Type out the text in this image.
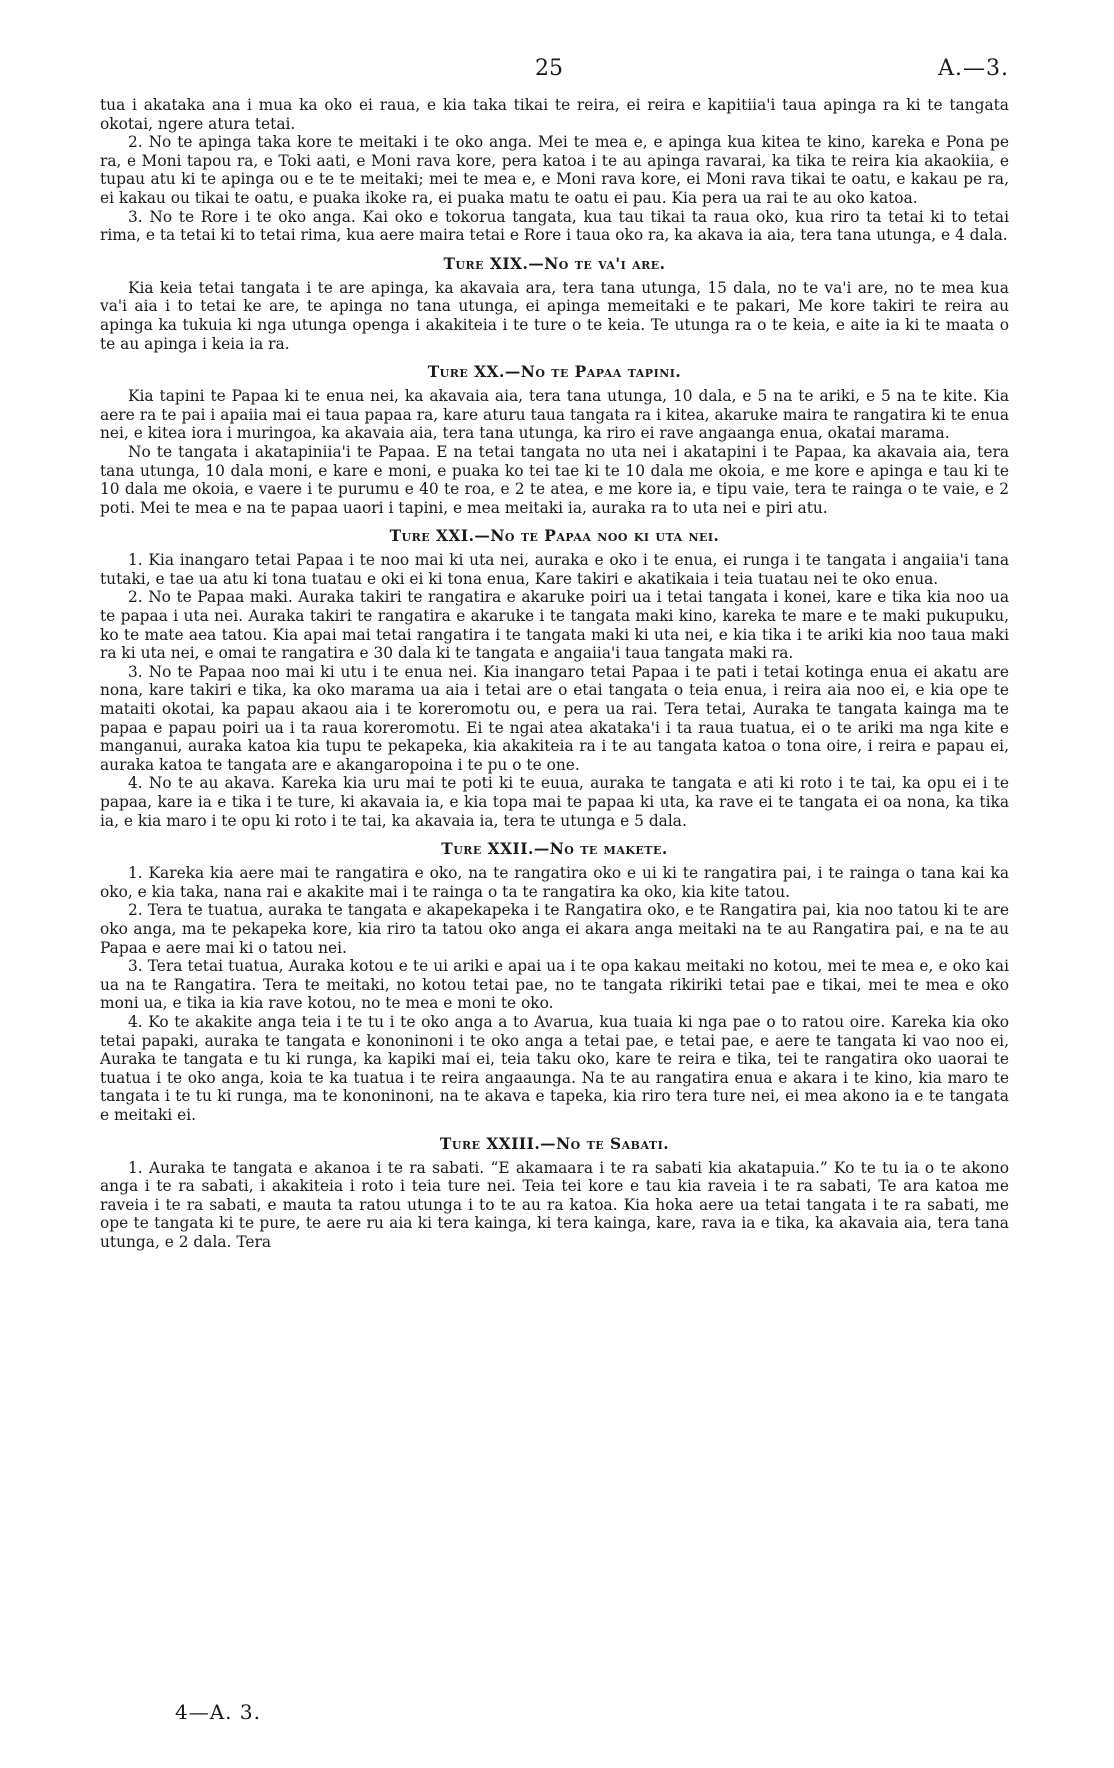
25	A.—3.

tua i akataka ana i mua ka oko ei raua, e kia taka tikai te reira, ei reira e kapitiia'i taua apinga ra ki te tangata okotai, ngere atura tetai.

2. No te apinga taka kore te meitaki i te oko anga. Mei te mea e, e apinga kua kitea te kino, kareka e Pona pe ra, e Moni tapou ra, e Toki aati, e Moni rava kore, pera katoa i te au apinga ravarai, ka tika te reira kia akaokiia, e tupau atu ki te apinga ou e te te meitaki; mei te mea e, e Moni rava kore, ei Moni rava tikai te oatu, e kakau pe ra, ei kakau ou tikai te oatu, e puaka ikoke ra, ei puaka matu te oatu ei pau. Kia pera ua rai te au oko katoa.

3. No te Rore i te oko anga. Kai oko e tokorua tangata, kua tau tikai ta raua oko, kua riro ta tetai ki to tetai rima, e ta tetai ki to tetai rima, kua aere maira tetai e Rore i taua oko ra, ka akava ia aia, tera tana utunga, e 4 dala.

Ture XIX.—No te va'i are.

Kia keia tetai tangata i te are apinga, ka akavaia ara, tera tana utunga, 15 dala, no te va'i are, no te mea kua va'i aia i to tetai ke are, te apinga no tana utunga, ei apinga memeitaki e te pakari, Me kore takiri te reira au apinga ka tukuia ki nga utunga openga i akakiteia i te ture o te keia. Te utunga ra o te keia, e aite ia ki te maata o te au apinga i keia ia ra.

Ture XX.—No te Papaa tapini.

Kia tapini te Papaa ki te enua nei, ka akavaia aia, tera tana utunga, 10 dala, e 5 na te ariki, e 5 na te kite. Kia aere ra te pai i apaiia mai ei taua papaa ra, kare aturu taua tangata ra i kitea, akaruke maira te rangatira ki te enua nei, e kitea iora i muringoa, ka akavaia aia, tera tana utunga, ka riro ei rave angaanga enua, okatai marama.

No te tangata i akatapiniia'i te Papaa. E na tetai tangata no uta nei i akatapini i te Papaa, ka akavaia aia, tera tana utunga, 10 dala moni, e kare e moni, e puaka ko tei tae ki te 10 dala me okoia, e me kore e apinga e tau ki te 10 dala me okoia, e vaere i te purumu e 40 te roa, e 2 te atea, e me kore ia, e tipu vaie, tera te rainga o te vaie, e 2 poti. Mei te mea e na te papaa uaori i tapini, e mea meitaki ia, auraka ra to uta nei e piri atu.

Ture XXI.—No te Papaa noo ki uta nei.

1. Kia inangaro tetai Papaa i te noo mai ki uta nei, auraka e oko i te enua, ei runga i te tangata i angaiia'i tana tutaki, e tae ua atu ki tona tuatau e oki ei ki tona enua, Kare takiri e akatikaia i teia tuatau nei te oko enua.

2. No te Papaa maki. Auraka takiri te rangatira e akaruke poiri ua i tetai tangata i konei, kare e tika kia noo ua te papaa i uta nei. Auraka takiri te rangatira e akaruke i te tangata maki kino, kareka te mare e te maki pukupuku, ko te mate aea tatou. Kia apai mai tetai rangatira i te tangata maki ki uta nei, e kia tika i te ariki kia noo taua maki ra ki uta nei, e omai te rangatira e 30 dala ki te tangata e angaiia'i taua tangata maki ra.

3. No te Papaa noo mai ki utu i te enua nei. Kia inangaro tetai Papaa i te pati i tetai kotinga enua ei akatu are nona, kare takiri e tika, ka oko marama ua aia i tetai are o etai tangata o teia enua, i reira aia noo ei, e kia ope te mataiti okotai, ka papau akaou aia i te koreromotu ou, e pera ua rai. Tera tetai, Auraka te tangata kainga ma te papaa e papau poiri ua i ta raua koreromotu. Ei te ngai atea akataka'i i ta raua tuatua, ei o te ariki ma nga kite e manganui, auraka katoa kia tupu te pekapeka, kia akakiteia ra i te au tangata katoa o tona oire, i reira e papau ei, auraka katoa te tangata are e akangaropoina i te pu o te one.

4. No te au akava. Kareka kia uru mai te poti ki te euua, auraka te tangata e ati ki roto i te tai, ka opu ei i te papaa, kare ia e tika i te ture, ki akavaia ia, e kia topa mai te papaa ki uta, ka rave ei te tangata ei oa nona, ka tika ia, e kia maro i te opu ki roto i te tai, ka akavaia ia, tera te utunga e 5 dala.

Ture XXII.—No te makete.

1. Kareka kia aere mai te rangatira e oko, na te rangatira oko e ui ki te rangatira pai, i te rainga o tana kai ka oko, e kia taka, nana rai e akakite mai i te rainga o ta te rangatira ka oko, kia kite tatou.

2. Tera te tuatua, auraka te tangata e akapekapeka i te Rangatira oko, e te Rangatira pai, kia noo tatou ki te are oko anga, ma te pekapeka kore, kia riro ta tatou oko anga ei akara anga meitaki na te au Rangatira pai, e na te au Papaa e aere mai ki o tatou nei.

3. Tera tetai tuatua, Auraka kotou e te ui ariki e apai ua i te opa kakau meitaki no kotou, mei te mea e, e oko kai ua na te Rangatira. Tera te meitaki, no kotou tetai pae, no te tangata rikiriki tetai pae e tikai, mei te mea e oko moni ua, e tika ia kia rave kotou, no te mea e moni te oko.

4. Ko te akakite anga teia i te tu i te oko anga a to Avarua, kua tuaia ki nga pae o to ratou oire. Kareka kia oko tetai papaki, auraka te tangata e kononinoni i te oko anga a tetai pae, e tetai pae, e aere te tangata ki vao noo ei, Auraka te tangata e tu ki runga, ka kapiki mai ei, teia taku oko, kare te reira e tika, tei te rangatira oko uaorai te tuatua i te oko anga, koia te ka tuatua i te reira angaaunga. Na te au rangatira enua e akara i te kino, kia maro te tangata i te tu ki runga, ma te kononinoni, na te akava e tapeka, kia riro tera ture nei, ei mea akono ia e te tangata e meitaki ei.

Ture XXIII.—No te Sabati.

1. Auraka te tangata e akanoa i te ra sabati. “E akamaara i te ra sabati kia akatapuia.” Ko te tu ia o te akono anga i te ra sabati, i akakiteia i roto i teia ture nei. Teia tei kore e tau kia raveia i te ra sabati, Te ara katoa me raveia i te ra sabati, e mauta ta ratou utunga i to te au ra katoa. Kia hoka aere ua tetai tangata i te ra sabati, me ope te tangata ki te pure, te aere ru aia ki tera kainga, ki tera kainga, kare, rava ia e tika, ka akavaia aia, tera tana utunga, e 2 dala. Tera

4—A. 3.
